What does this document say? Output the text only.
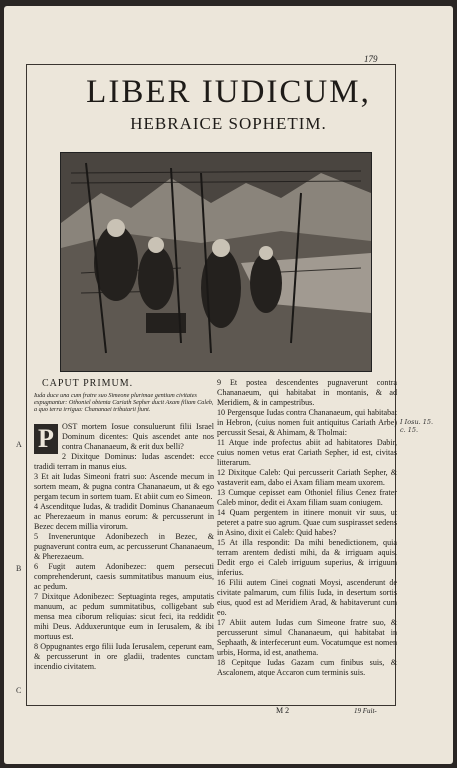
179
LIBER IUDICUM,
HEBRAICE SOPHETIM.
CAPUT PRIMUM.
Iuda duce una cum fratre suo Simeone plurimae gentium civitates expugnantur: Othoniel obtenta Cariath Sepher ducit Axam filiam Caleb, a quo terra irrigua: Chananaei tributarii fiunt.
P OST mortem Iosue consuluerunt filii Israel Dominum dicentes: Quis ascendet ante nos contra Chananaeum, & erit dux belli?

2 Dixitque Dominus: Iudas ascendet: ecce tradidi terram in manus eius.

3 Et ait Iudas Simeoni fratri suo: Ascende mecum in sortem meam, & pugna contra Chananaeum, ut & ego pergam tecum in sortem tuam. Et abiit cum eo Simeon.

4 Ascenditque Iudas, & tradidit Dominus Chananaeum ac Pherezaeum in manus eorum: & percusserunt in Bezec decem millia virorum.

5 Inveneruntque Adonibezech in Bezec, & pugnaverunt contra eum, ac percusserunt Chananaeum, & Pherezaeum.

6 Fugit autem Adonibezec: quem persecuti comprehenderunt, caesis summitatibus manuum eius, ac pedum.

7 Dixitque Adonibezec: Septuaginta reges, amputatis manuum, ac pedum summitatibus, colligebant sub mensa mea ciborum reliquias: sicut feci, ita reddidit mihi Deus. Adduxeruntque eum in Ierusalem, & ibi mortuus est.

8 Oppugnantes ergo filii Iuda Ierusalem, ceperunt eam, & percusserunt in ore gladii, tradentes cunctam incendio civitatem.

9 Et postea descendentes pugnaverunt contra Chananaeum, qui habitabat in montanis, & ad Meridiem, & in campestribus.

10 Pergensque Iudas contra Chananaeum, qui habitabat in Hebron, (cuius nomen fuit antiquitus Cariath Arbe) percussit Sesai, & Ahimam, & Tholmai:

11 Atque inde profectus abiit ad habitatores Dabir, cuius nomen vetus erat Cariath Sepher, id est, civitas litterarum.

12 Dixitque Caleb: Qui percusserit Cariath Sepher, & vastaverit eam, dabo ei Axam filiam meam uxorem.

13 Cumque cepisset eam Othoniel filius Cenez frater Caleb minor, dedit ei Axam filiam suam coniugem.

14 Quam pergentem in itinere monuit vir suus, ut peteret a patre suo agrum. Quae cum suspirasset sedens in Asino, dixit ei Caleb: Quid habes?

15 At illa respondit: Da mihi benedictionem, quia terram arentem dedisti mihi, da & irriguam aquis. Dedit ergo ei Caleb irriguum superius, & irriguum inferius.

16 Filii autem Cinei cognati Moysi, ascenderunt de civitate palmarum, cum filiis Iuda, in desertum sortis eius, quod est ad Meridiem Arad, & habitaverunt cum eo.

17 Abiit autem Iudas cum Simeone fratre suo, & percusserunt simul Chananaeum, qui habitabat in Sephaath, & interfecerunt eum. Vocatumque est nomen urbis, Horma, id est, anathema.

18 Cepitque Iudas Gazam cum finibus suis, & Ascalonem, atque Accaron cum terminis suis.

A
B
C
I Iosu. 15. c. 15.
M 2	19 Fuit-
